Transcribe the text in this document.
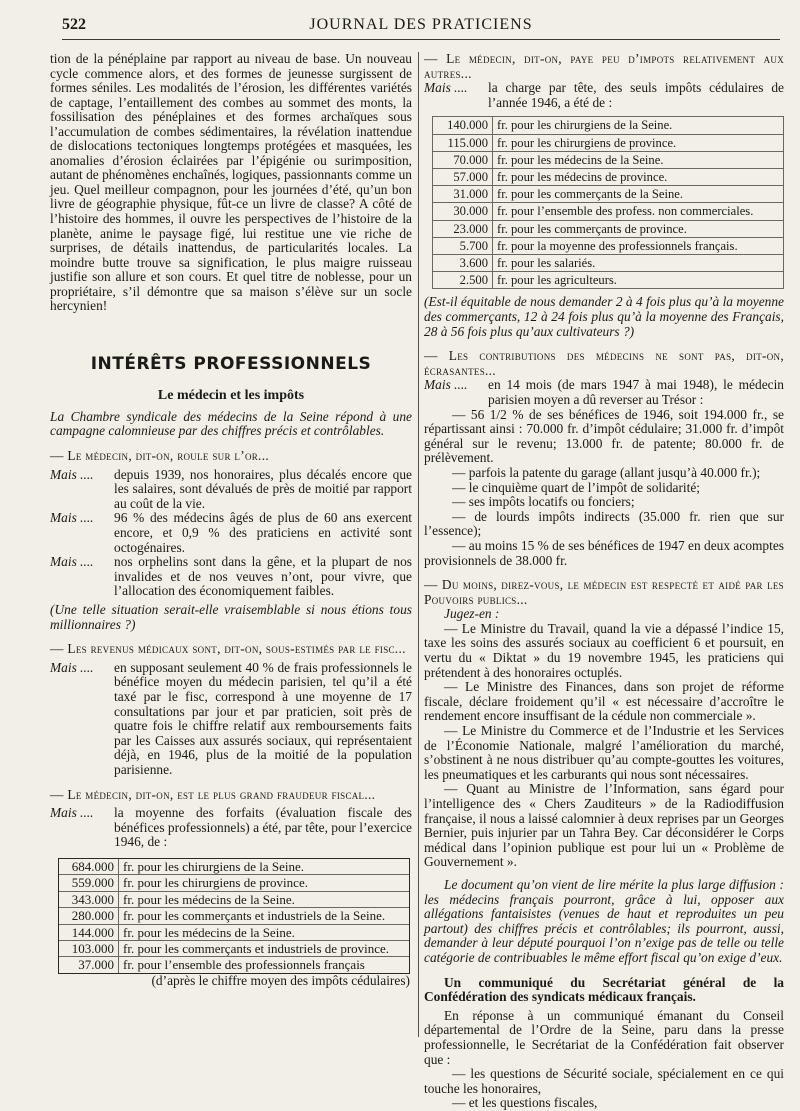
522	JOURNAL DES PRATICIENS

tion de la pénéplaine par rapport au niveau de base. Un nouveau cycle commence alors, et des formes de jeunesse surgissent de formes séniles. Les modalités de l’érosion, les différentes variétés de captage, l’entaillement des combes au sommet des monts, la fossilisation des pénéplaines et des formes archaïques sous l’accumulation de combes sédimentaires, la révélation inattendue de dislocations tectoniques longtemps protégées et masquées, les anomalies d’érosion éclairées par l’épigénie ou surimposition, autant de phénomènes enchaînés, logiques, passionnants comme un jeu. Quel meilleur compagnon, pour les journées d’été, qu’un bon livre de géographie physique, fût-ce un livre de classe? A côté de l’histoire des hommes, il ouvre les perspectives de l’histoire de la planète, anime le paysage figé, lui restitue une vie riche de surprises, de détails inattendus, de particularités locales. La moindre butte trouve sa signification, le plus maigre ruisseau justifie son allure et son cours. Et quel titre de noblesse, pour un propriétaire, s’il démontre que sa maison s’élève sur un socle hercynien!

INTÉRÊTS PROFESSIONNELS
Le médecin et les impôts

La Chambre syndicale des médecins de la Seine répond à une campagne calomnieuse par des chiffres précis et contrôlables.

— Le médecin, dit-on, roule sur l’or...

Mais ....	depuis 1939, nos honoraires, plus décalés encore que les salaires, sont dévalués de près de moitié par rapport au coût de la vie.
Mais ....	96 % des médecins âgés de plus de 60 ans exercent encore, et 0,9 % des praticiens en activité sont octogénaires.
Mais ....	nos orphelins sont dans la gêne, et la plupart de nos invalides et de nos veuves n’ont, pour vivre, que l’allocation des économiquement faibles.

(Une telle situation serait-elle vraisemblable si nous étions tous millionnaires ?)

— Les revenus médicaux sont, dit-on, sous-estimés par le fisc...

Mais ....	en supposant seulement 40 % de frais professionnels le bénéfice moyen du médecin parisien, tel qu’il a été taxé par le fisc, correspond à une moyenne de 17 consultations par jour et par praticien, soit près de quatre fois le chiffre relatif aux remboursements faits par les Caisses aux assurés sociaux, qui représentaient déjà, en 1946, plus de la moitié de la population parisienne.

— Le médecin, dit-on, est le plus grand fraudeur fiscal...

Mais ....	la moyenne des forfaits (évaluation fiscale des bénéfices professionnels) a été, par tête, pour l’exercice 1946, de :
684.000 fr. pour les chirurgiens de la Seine.
559.000 fr. pour les chirurgiens de province.
343.000 fr. pour les médecins de la Seine.
280.000 fr. pour les commerçants et industriels de la Seine.
144.000 fr. pour les médecins de la Seine.
103.000 fr. pour les commerçants et industriels de province.
37.000 fr. pour l’ensemble des professionnels français

(d’après le chiffre moyen des impôts cédulaires)

— Le médecin, dit-on, paye peu d’impots relativement aux autres...

Mais ....	la charge par tête, des seuls impôts cédulaires de l’année 1946, a été de :
140.000 fr. pour les chirurgiens de la Seine.
115.000 fr. pour les chirurgiens de province.
70.000 fr. pour les médecins de la Seine.
57.000 fr. pour les médecins de province.
31.000 fr. pour les commerçants de la Seine.
30.000 fr. pour l’ensemble des profess. non commerciales.
23.000 fr. pour les commerçants de province.
5.700 fr. pour la moyenne des professionnels français.
3.600 fr. pour les salariés.
2.500 fr. pour les agriculteurs.

(Est-il équitable de nous demander 2 à 4 fois plus qu’à la moyenne des commerçants, 12 à 24 fois plus qu’à la moyenne des Français, 28 à 56 fois plus qu’aux cultivateurs ?)

— Les contributions des médecins ne sont pas, dit-on, écrasantes...

Mais ....	en 14 mois (de mars 1947 à mai 1948), le médecin parisien moyen a dû reverser au Trésor :

— 56 1/2 % de ses bénéfices de 1946, soit 194.000 fr., se répartissant ainsi : 70.000 fr. d’impôt cédulaire; 31.000 fr. d’impôt général sur le revenu; 13.000 fr. de patente; 80.000 fr. de prélèvement.

— parfois la patente du garage (allant jusqu’à 40.000 fr.);

— le cinquième quart de l’impôt de solidarité;

— ses impôts locatifs ou fonciers;

— de lourds impôts indirects (35.000 fr. rien que sur l’essence);

— au moins 15 % de ses bénéfices de 1947 en deux acomptes provisionnels de 38.000 fr.

— Du moins, direz-vous, le médecin est respecté et aidé par les Pouvoirs publics...

Jugez-en :

— Le Ministre du Travail, quand la vie a dépassé l’indice 15, taxe les soins des assurés sociaux au coefficient 6 et poursuit, en vertu du « Diktat » du 19 novembre 1945, les praticiens qui prétendent à des honoraires octuplés.

— Le Ministre des Finances, dans son projet de réforme fiscale, déclare froidement qu’il « est nécessaire d’accroître le rendement encore insuffisant de la cédule non commerciale ».

— Le Ministre du Commerce et de l’Industrie et les Services de l’Économie Nationale, malgré l’amélioration du marché, s’obstinent à ne nous distribuer qu’au compte-gouttes les voitures, les pneumatiques et les carburants qui nous sont nécessaires.

— Quant au Ministre de l’Information, sans égard pour l’intelligence des « Chers Zauditeurs » de la Radiodiffusion française, il nous a laissé calomnier à deux reprises par un Georges Bernier, puis injurier par un Tahra Bey. Car déconsidérer le Corps médical dans l’opinion publique est pour lui un « Problème de Gouvernement ».

Le document qu’on vient de lire mérite la plus large diffusion : les médecins français pourront, grâce à lui, opposer aux allégations fantaisistes (venues de haut et reproduites un peu partout) des chiffres précis et contrôlables; ils pourront, aussi, demander à leur député pourquoi l’on n’exige pas de telle ou telle catégorie de contribuables le même effort fiscal qu’on exige d’eux.

Un communiqué du Secrétariat général de la Confédération des syndicats médicaux français.

En réponse à un communiqué émanant du Conseil départemental de l’Ordre de la Seine, paru dans la presse professionnelle, le Secrétariat de la Confédération fait observer que :

— les questions de Sécurité sociale, spécialement en ce qui touche les honoraires,

— et les questions fiscales,
